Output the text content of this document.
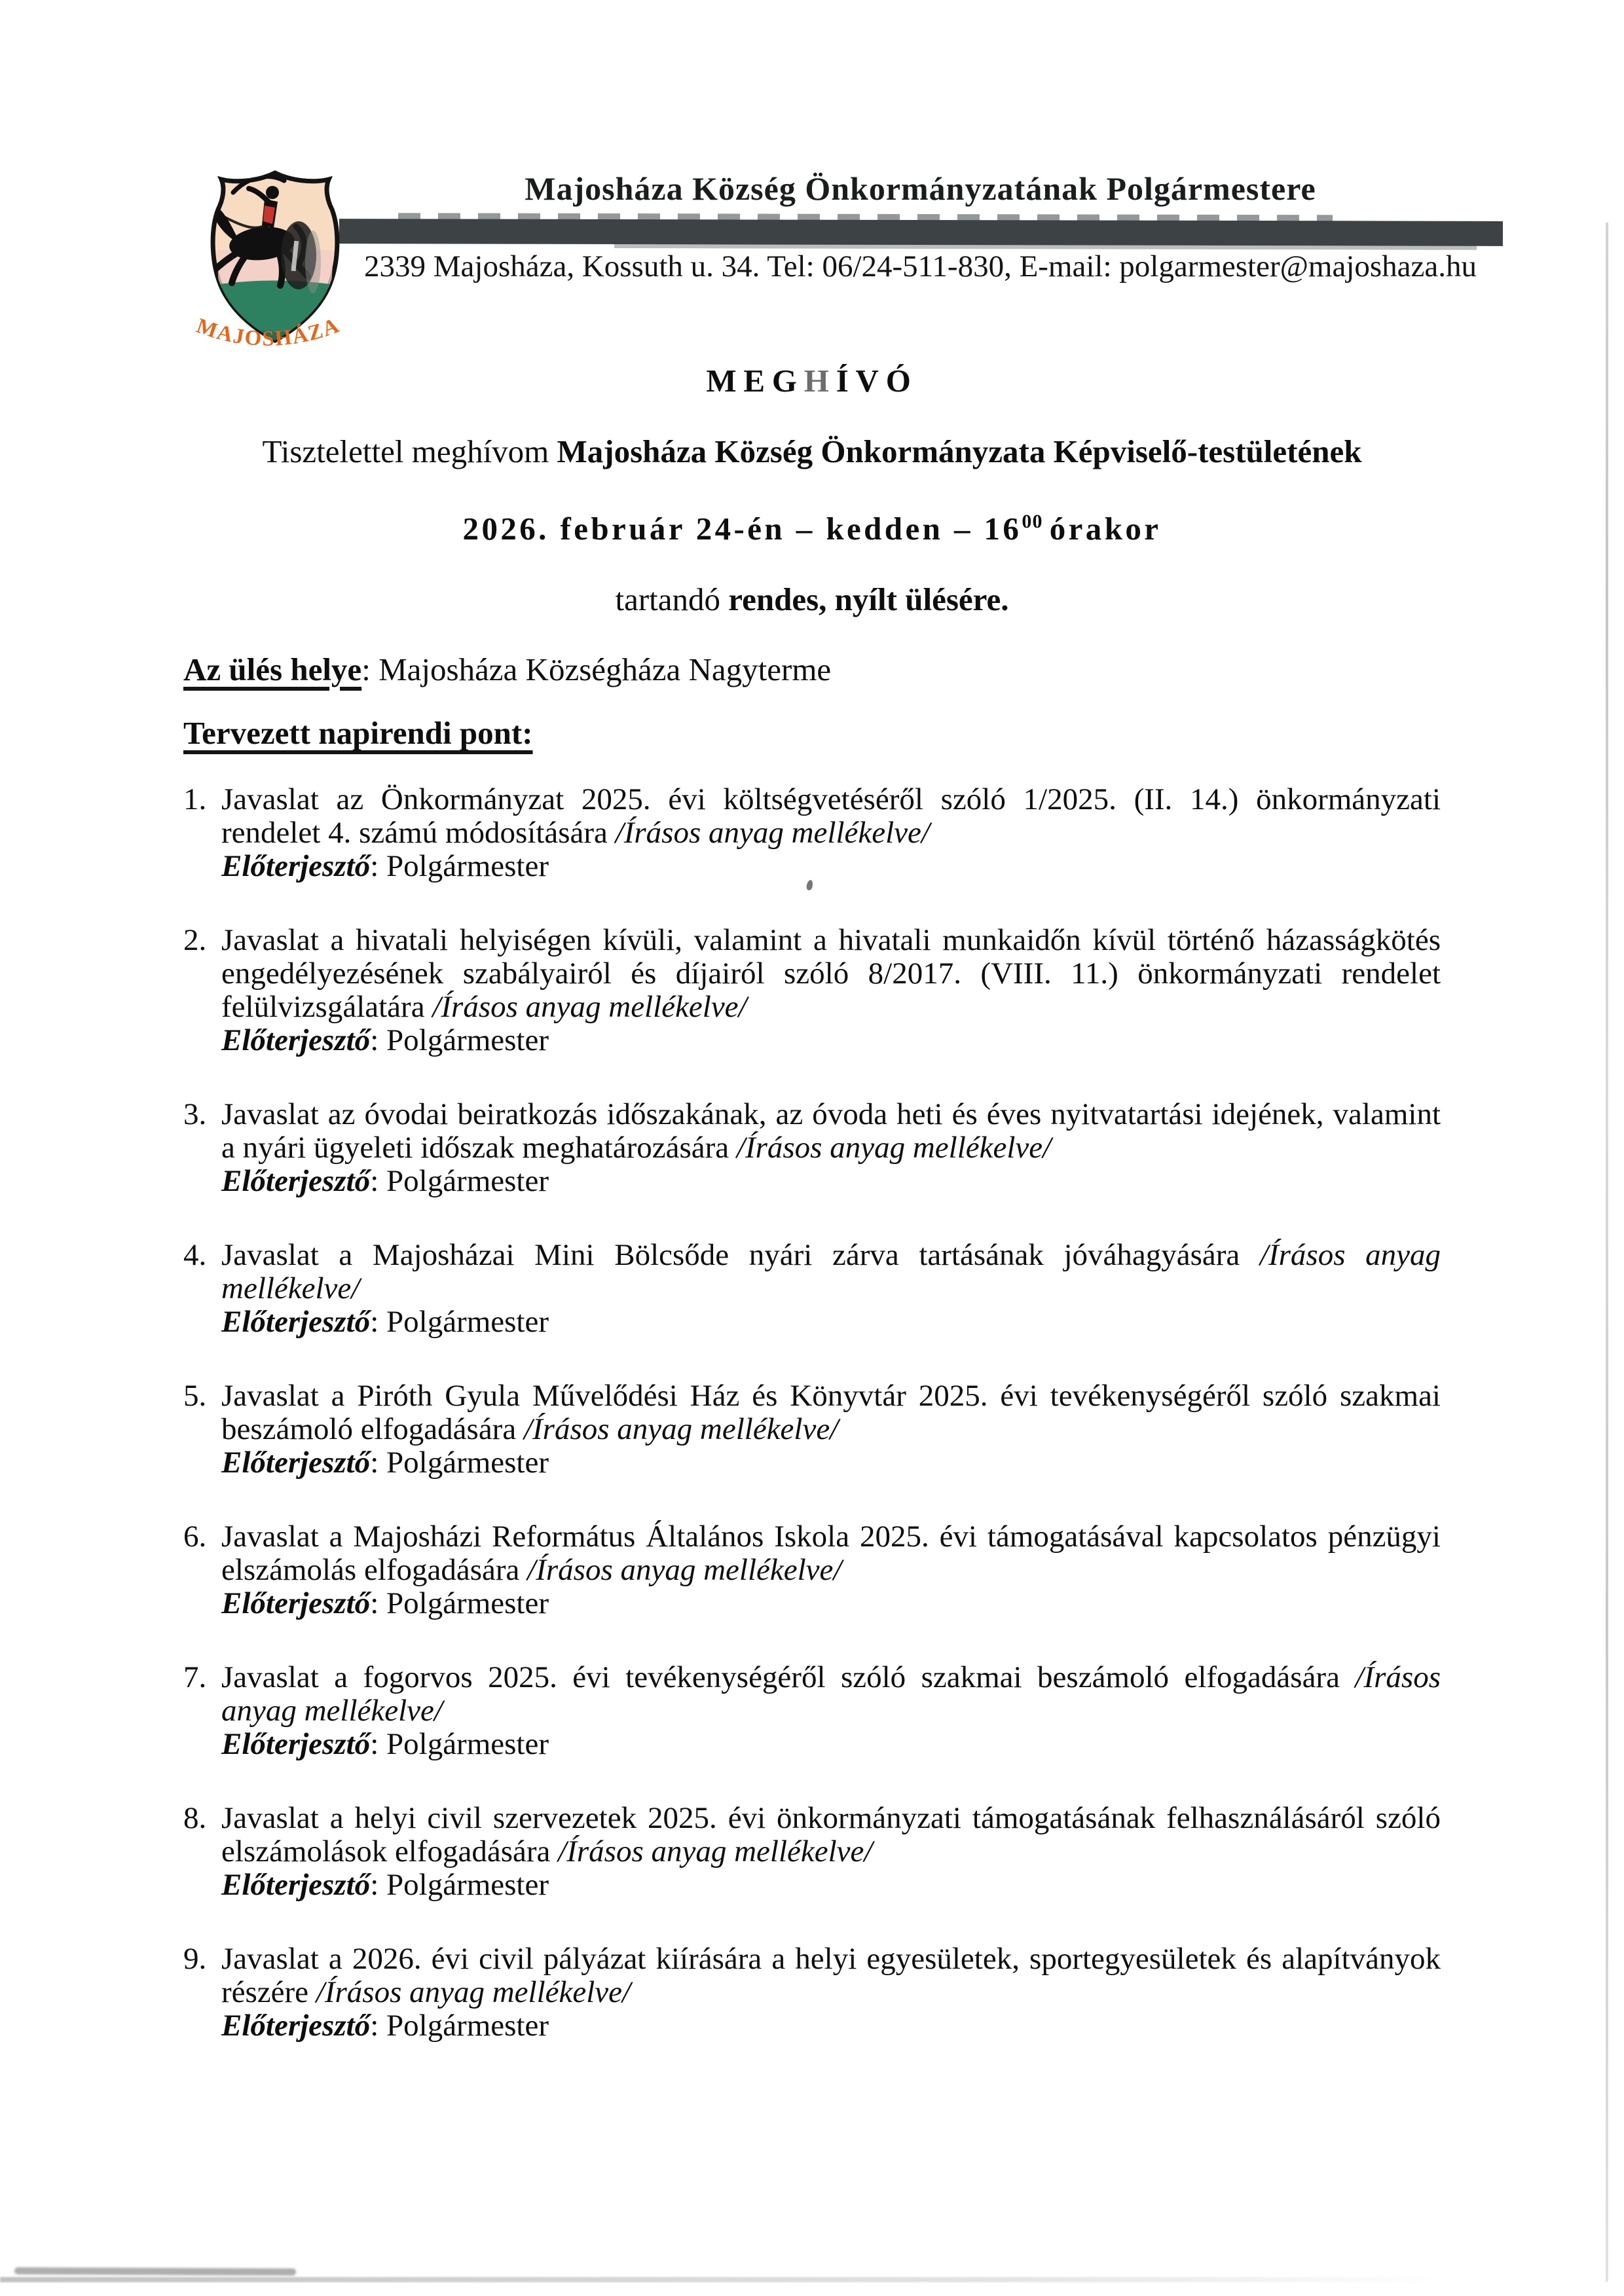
Majosháza Község Önkormányzatának Polgármestere
2339 Majosháza, Kossuth u. 34. Tel: 06/24-511-830, E-mail: polgarmester@majoshaza.hu
MAJOSHÁZA
MEGHÍVÓ
Tisztelettel meghívom Majosháza Község Önkormányzata Képviselő-testületének
2026. február 24-én – kedden – $16^{00}$ órakor
tartandó rendes, nyílt ülésére.
Az ülés helye: Majosháza Községháza Nagyterme
Tervezett napirendi pont:
1. Javaslat az Önkormányzat 2025. évi költségvetéséről szóló 1/2025. (II. 14.) önkormányzati rendelet 4. számú módosítására /Írásos anyag mellékelve/
Előterjesztő: Polgármester
2. Javaslat a hivatali helyiségen kívüli, valamint a hivatali munkaidőn kívül történő házasságkötés engedélyezésének szabályairól és díjairól szóló 8/2017. (VIII. 11.) önkormányzati rendelet felülvizsgálatára /Írásos anyag mellékelve/
Előterjesztő: Polgármester
3. Javaslat az óvodai beiratkozás időszakának, az óvoda heti és éves nyitvatartási idejének, valamint a nyári ügyeleti időszak meghatározására /Írásos anyag mellékelve/
Előterjesztő: Polgármester
4. Javaslat a Majosházai Mini Bölcsőde nyári zárva tartásának jóváhagyására /Írásos anyag mellékelve/
Előterjesztő: Polgármester
5. Javaslat a Piróth Gyula Művelődési Ház és Könyvtár 2025. évi tevékenységéről szóló szakmai beszámoló elfogadására /Írásos anyag mellékelve/
Előterjesztő: Polgármester
6. Javaslat a Majosházi Református Általános Iskola 2025. évi támogatásával kapcsolatos pénzügyi elszámolás elfogadására /Írásos anyag mellékelve/
Előterjesztő: Polgármester
7. Javaslat a fogorvos 2025. évi tevékenységéről szóló szakmai beszámoló elfogadására /Írásos anyag mellékelve/
Előterjesztő: Polgármester
8. Javaslat a helyi civil szervezetek 2025. évi önkormányzati támogatásának felhasználásáról szóló elszámolások elfogadására /Írásos anyag mellékelve/
Előterjesztő: Polgármester
9. Javaslat a 2026. évi civil pályázat kiírására a helyi egyesületek, sportegyesületek és alapítványok részére /Írásos anyag mellékelve/
Előterjesztő: Polgármester
